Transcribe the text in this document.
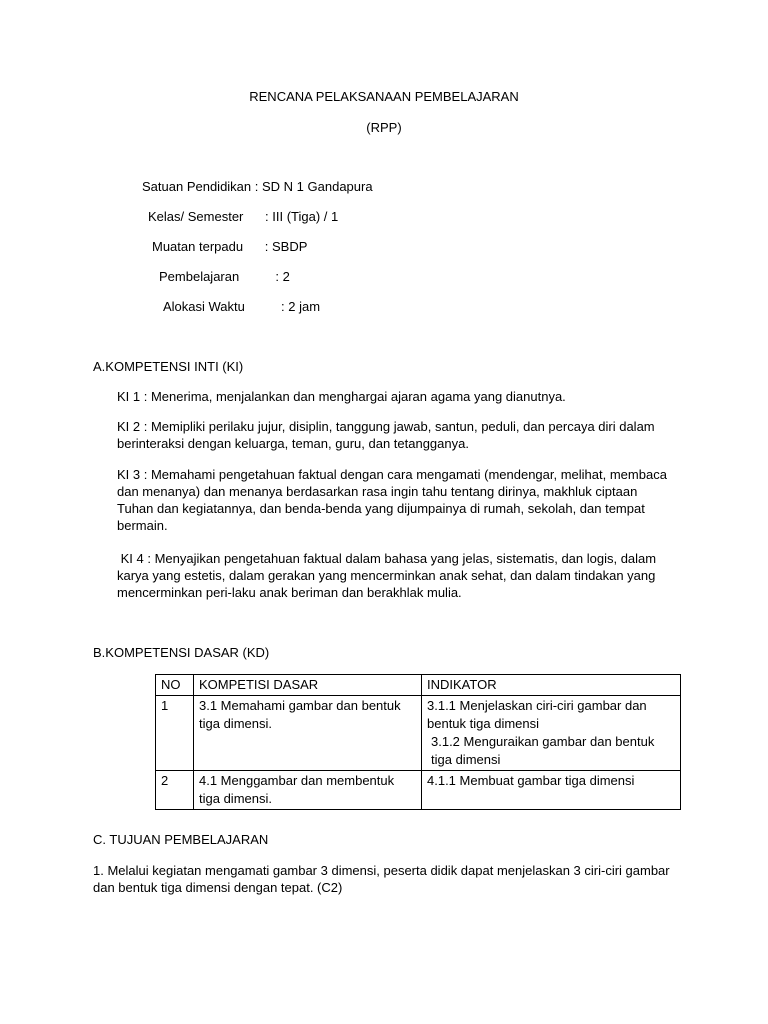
RENCANA PELAKSANAAN PEMBELAJARAN
(RPP)
Satuan Pendidikan : SD N 1 Gandapura
Kelas/ Semester      : III (Tiga) / 1
Muatan terpadu      : SBDP
Pembelajaran          : 2
Alokasi Waktu          : 2 jam
A.KOMPETENSI INTI (KI)
KI 1 : Menerima, menjalankan dan menghargai ajaran agama yang dianutnya.
KI 2 : Memipliki perilaku jujur, disiplin, tanggung jawab, santun, peduli, dan percaya diri dalam berinteraksi dengan keluarga, teman, guru, dan tetangganya.
KI 3 : Memahami pengetahuan faktual dengan cara mengamati (mendengar, melihat, membaca dan menanya) dan menanya berdasarkan rasa ingin tahu tentang dirinya, makhluk ciptaan Tuhan dan kegiatannya, dan benda-benda yang dijumpainya di rumah, sekolah, dan tempat bermain.
KI 4 : Menyajikan pengetahuan faktual dalam bahasa yang jelas, sistematis, dan logis, dalam karya yang estetis, dalam gerakan yang mencerminkan anak sehat, dan dalam tindakan yang mencerminkan peri-laku anak beriman dan berakhlak mulia.
B.KOMPETENSI DASAR (KD)
NO	KOMPETISI DASAR	INDIKATOR
1	3.1 Memahami gambar dan bentuk tiga dimensi.	3.1.1 Menjelaskan ciri-ciri gambar dan bentuk tiga dimensi
3.1.2 Menguraikan gambar dan bentuk tiga dimensi

2	4.1 Menggambar dan membentuk tiga dimensi.	4.1.1 Membuat gambar tiga dimensi
C. TUJUAN PEMBELAJARAN
1. Melalui kegiatan mengamati gambar 3 dimensi, peserta didik dapat menjelaskan 3 ciri-ciri gambar dan bentuk tiga dimensi dengan tepat. (C2)
